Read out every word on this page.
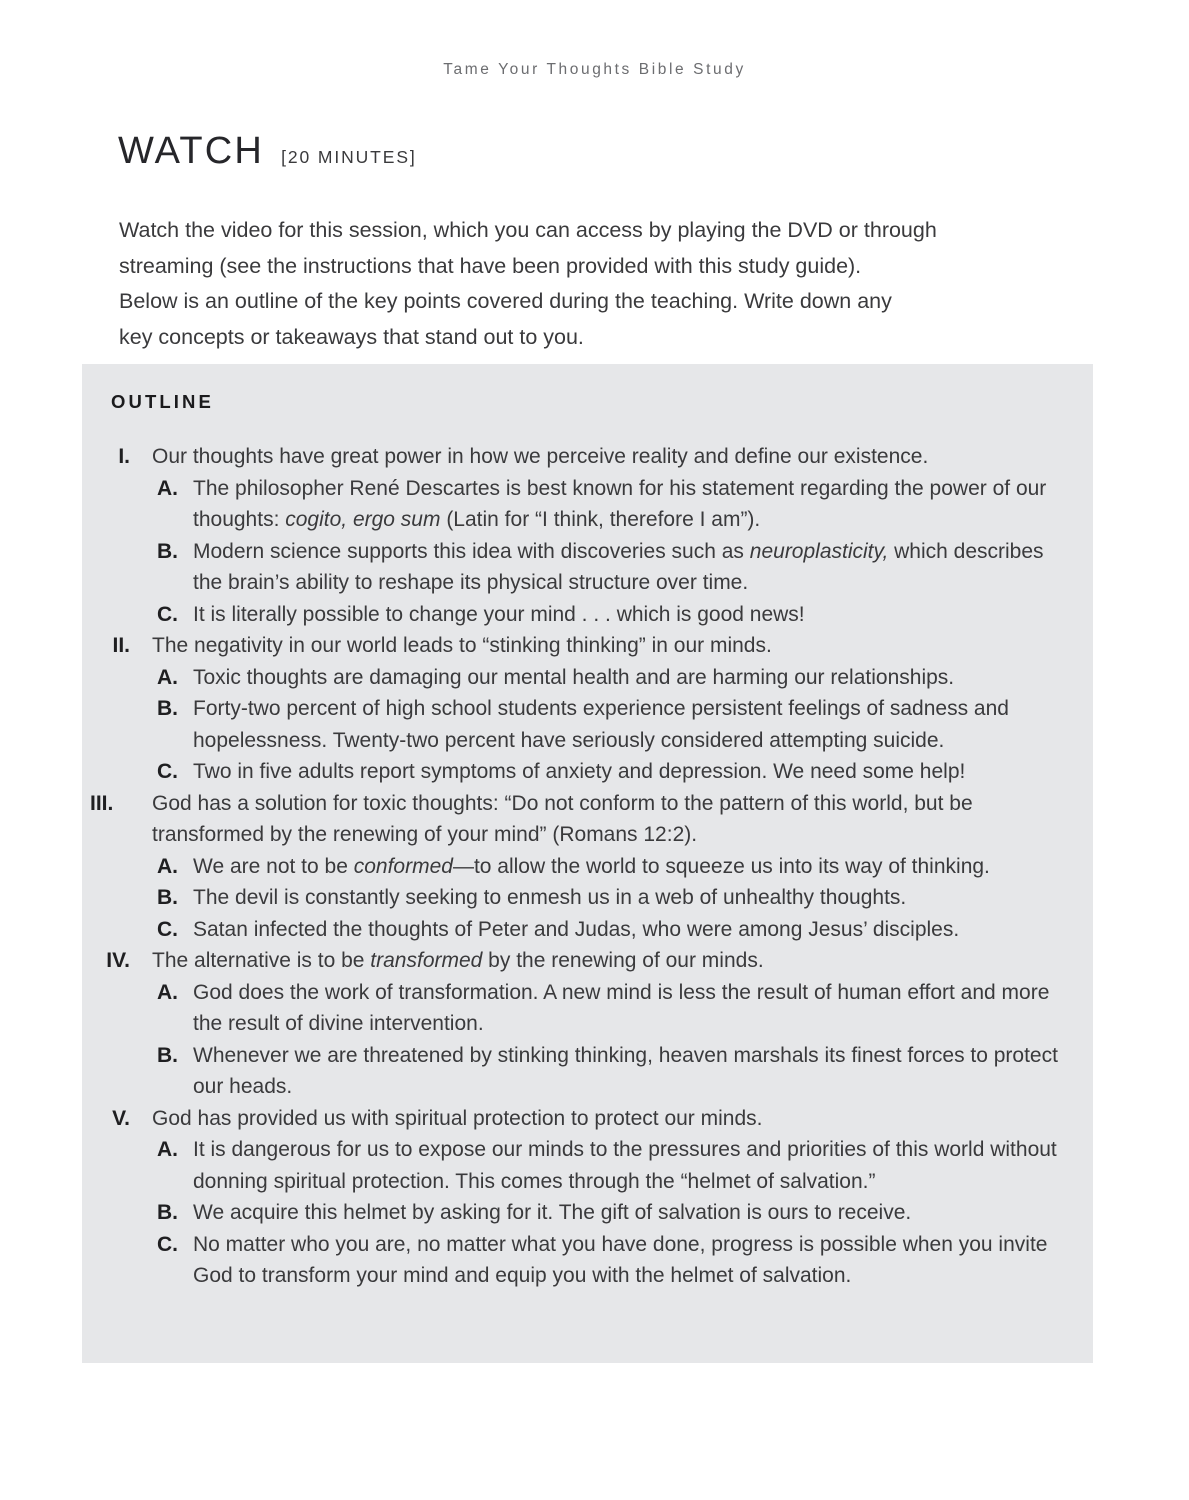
Tame Your Thoughts Bible Study
WATCH [20 MINUTES]
Watch the video for this session, which you can access by playing the DVD or through
streaming (see the instructions that have been provided with this study guide).
Below is an outline of the key points covered during the teaching. Write down any
key concepts or takeaways that stand out to you.
OUTLINE
I. Our thoughts have great power in how we perceive reality and define our existence.
A. The philosopher René Descartes is best known for his statement regarding the power of our thoughts: cogito, ergo sum (Latin for “I think, therefore I am”).
B. Modern science supports this idea with discoveries such as neuroplasticity, which describes the brain’s ability to reshape its physical structure over time.
C. It is literally possible to change your mind . . . which is good news!
II. The negativity in our world leads to “stinking thinking” in our minds.
A. Toxic thoughts are damaging our mental health and are harming our relationships.
B. Forty-two percent of high school students experience persistent feelings of sadness and hopelessness. Twenty-two percent have seriously considered attempting suicide.
C. Two in five adults report symptoms of anxiety and depression. We need some help!
III.	God has a solution for toxic thoughts: “Do not conform to the pattern of this world, but be transformed by the renewing of your mind” (Romans 12:2).
A. We are not to be conformed—to allow the world to squeeze us into its way of thinking.
B. The devil is constantly seeking to enmesh us in a web of unhealthy thoughts.
C. Satan infected the thoughts of Peter and Judas, who were among Jesus’ disciples.
IV. The alternative is to be transformed by the renewing of our minds.
A. God does the work of transformation. A new mind is less the result of human effort and more the result of divine intervention.
B. Whenever we are threatened by stinking thinking, heaven marshals its finest forces to protect our heads.
V. God has provided us with spiritual protection to protect our minds.
A. It is dangerous for us to expose our minds to the pressures and priorities of this world without donning spiritual protection. This comes through the “helmet of salvation.”
B. We acquire this helmet by asking for it. The gift of salvation is ours to receive.
C. No matter who you are, no matter what you have done, progress is possible when you invite God to transform your mind and equip you with the helmet of salvation.
